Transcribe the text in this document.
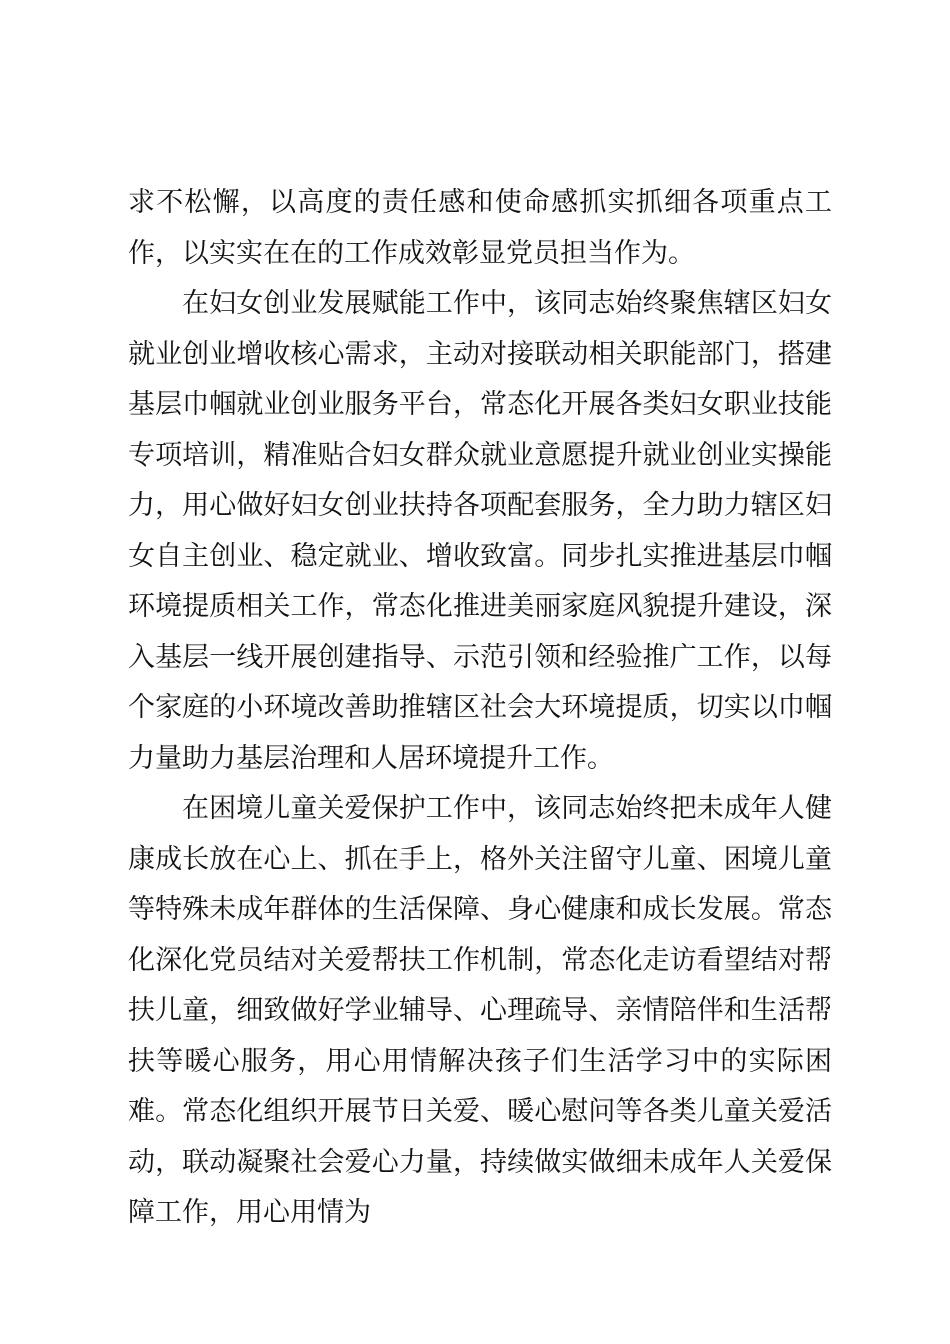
求不松懈，以高度的责任感和使命感抓实抓细各项重点工作，以实实在在的工作成效彰显党员担当作为。

在妇女创业发展赋能工作中，该同志始终聚焦辖区妇女就业创业增收核心需求，主动对接联动相关职能部门，搭建基层巾帼就业创业服务平台，常态化开展各类妇女职业技能专项培训，精准贴合妇女群众就业意愿提升就业创业实操能力，用心做好妇女创业扶持各项配套服务，全力助力辖区妇女自主创业、稳定就业、增收致富。同步扎实推进基层巾帼环境提质相关工作，常态化推进美丽家庭风貌提升建设，深入基层一线开展创建指导、示范引领和经验推广工作，以每个家庭的小环境改善助推辖区社会大环境提质，切实以巾帼力量助力基层治理和人居环境提升工作。

在困境儿童关爱保护工作中，该同志始终把未成年人健康成长放在心上、抓在手上，格外关注留守儿童、困境儿童等特殊未成年群体的生活保障、身心健康和成长发展。常态化深化党员结对关爱帮扶工作机制，常态化走访看望结对帮扶儿童，细致做好学业辅导、心理疏导、亲情陪伴和生活帮扶等暖心服务，用心用情解决孩子们生活学习中的实际困难。常态化组织开展节日关爱、暖心慰问等各类儿童关爱活动，联动凝聚社会爱心力量，持续做实做细未成年人关爱保障工作，用心用情为
